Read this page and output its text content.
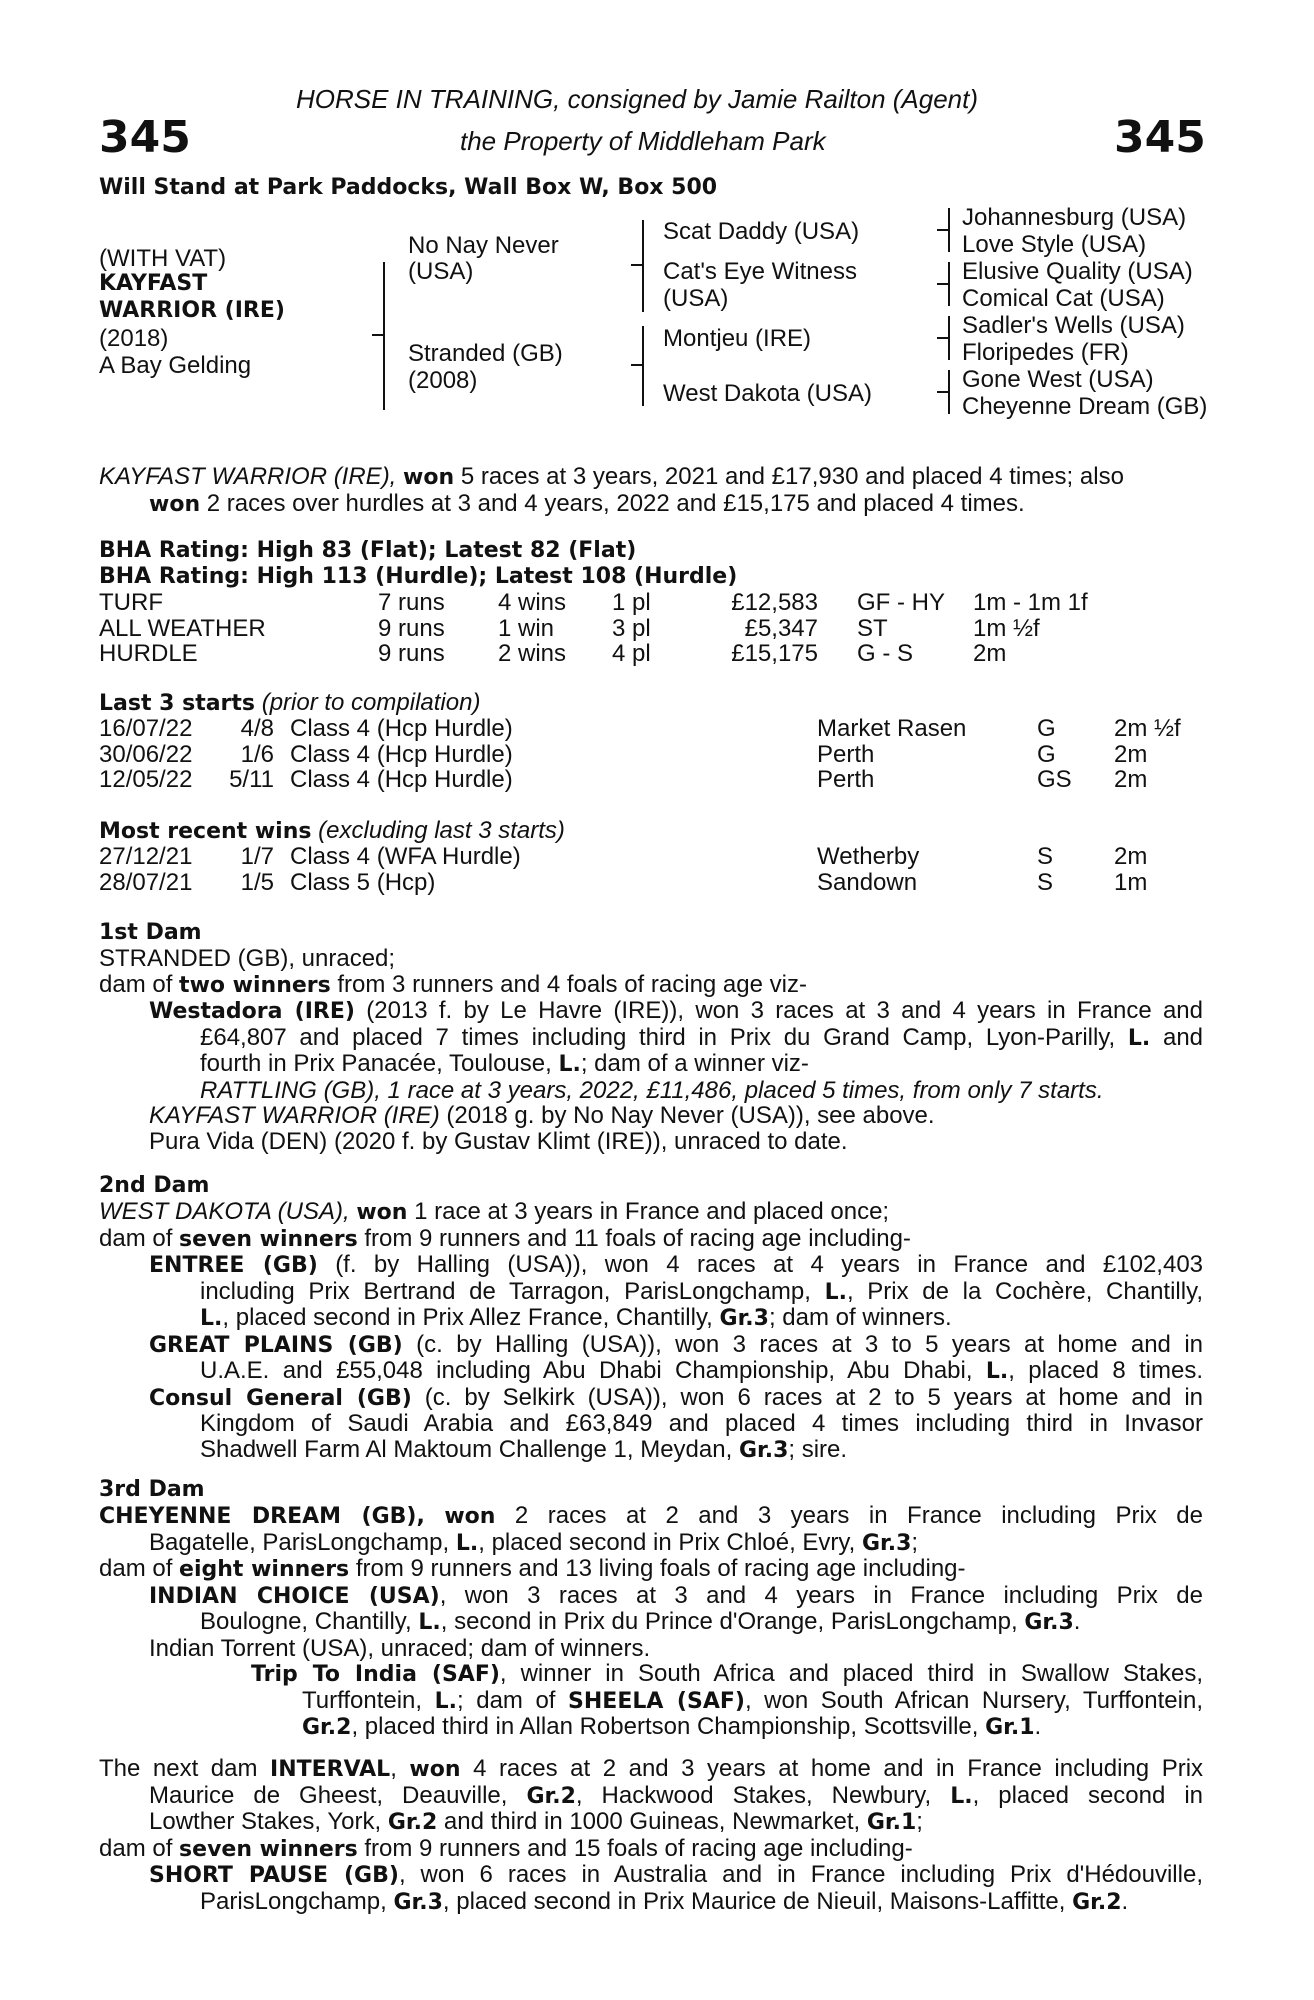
345	345
HORSE IN TRAINING, consigned by Jamie Railton (Agent)
the Property of Middleham Park
Will Stand at Park Paddocks, Wall Box W, Box 500
(WITH VAT)
KAYFAST
WARRIOR (IRE)
(2018)
A Bay Gelding
No Nay Never
(USA)
Stranded (GB)
(2008)
Scat Daddy (USA)
Cat's Eye Witness
(USA)
Montjeu (IRE)
West Dakota (USA)
Johannesburg (USA)
Love Style (USA)
Elusive Quality (USA)
Comical Cat (USA)
Sadler's Wells (USA)
Floripedes (FR)
Gone West (USA)
Cheyenne Dream (GB)
KAYFAST WARRIOR (IRE), won 5 races at 3 years, 2021 and £17,930 and placed 4 times; also
won 2 races over hurdles at 3 and 4 years, 2022 and £15,175 and placed 4 times.
BHA Rating: High 83 (Flat); Latest 82 (Flat)
BHA Rating: High 113 (Hurdle); Latest 108 (Hurdle)
TURF	7 runs 4 wins 1 pl	£12,583 GF - HY 1m - 1m 1f
ALL WEATHER	9 runs 1 win 3 pl	£5,347 ST	1m ½f
HURDLE	9 runs 2 wins 4 pl	£15,175 G - S 2m
Last 3 starts (prior to compilation)
16/07/22 4/8 Class 4 (Hcp Hurdle)	Market Rasen	G 2m ½f
30/06/22 1/6 Class 4 (Hcp Hurdle)	Perth	G 2m
12/05/22 5/11 Class 4 (Hcp Hurdle)	Perth	GS 2m
Most recent wins (excluding last 3 starts)
27/12/21 1/7 Class 4 (WFA Hurdle)	Wetherby	S	2m
28/07/21 1/5 Class 5 (Hcp)	Sandown	S	1m
1st Dam
STRANDED (GB), unraced;
dam of two winners from 3 runners and 4 foals of racing age viz-
Westadora (IRE) (2013 f. by Le Havre (IRE)), won 3 races at 3 and 4 years in France and
£64,807 and placed 7 times including third in Prix du Grand Camp, Lyon-Parilly, L. and
fourth in Prix Panacée, Toulouse, L.; dam of a winner viz-
RATTLING (GB), 1 race at 3 years, 2022, £11,486, placed 5 times, from only 7 starts.
KAYFAST WARRIOR (IRE) (2018 g. by No Nay Never (USA)), see above.
Pura Vida (DEN) (2020 f. by Gustav Klimt (IRE)), unraced to date.
2nd Dam
WEST DAKOTA (USA), won 1 race at 3 years in France and placed once;
dam of seven winners from 9 runners and 11 foals of racing age including-
ENTREE (GB) (f. by Halling (USA)), won 4 races at 4 years in France and £102,403
including Prix Bertrand de Tarragon, ParisLongchamp, L., Prix de la Cochère, Chantilly,
L., placed second in Prix Allez France, Chantilly, Gr.3; dam of winners.
GREAT PLAINS (GB) (c. by Halling (USA)), won 3 races at 3 to 5 years at home and in
U.A.E. and £55,048 including Abu Dhabi Championship, Abu Dhabi, L., placed 8 times.
Consul General (GB) (c. by Selkirk (USA)), won 6 races at 2 to 5 years at home and in
Kingdom of Saudi Arabia and £63,849 and placed 4 times including third in Invasor
Shadwell Farm Al Maktoum Challenge 1, Meydan, Gr.3; sire.
3rd Dam
CHEYENNE DREAM (GB), won 2 races at 2 and 3 years in France including Prix de
Bagatelle, ParisLongchamp, L., placed second in Prix Chloé, Evry, Gr.3;
dam of eight winners from 9 runners and 13 living foals of racing age including-
INDIAN CHOICE (USA), won 3 races at 3 and 4 years in France including Prix de
Boulogne, Chantilly, L., second in Prix du Prince d'Orange, ParisLongchamp, Gr.3.
Indian Torrent (USA), unraced; dam of winners.
Trip To India (SAF), winner in South Africa and placed third in Swallow Stakes,
Turffontein, L.; dam of SHEELA (SAF), won South African Nursery, Turffontein,
Gr.2, placed third in Allan Robertson Championship, Scottsville, Gr.1.
The next dam INTERVAL, won 4 races at 2 and 3 years at home and in France including Prix
Maurice de Gheest, Deauville, Gr.2, Hackwood Stakes, Newbury, L., placed second in
Lowther Stakes, York, Gr.2 and third in 1000 Guineas, Newmarket, Gr.1;
dam of seven winners from 9 runners and 15 foals of racing age including-
SHORT PAUSE (GB), won 6 races in Australia and in France including Prix d'Hédouville,
ParisLongchamp, Gr.3, placed second in Prix Maurice de Nieuil, Maisons-Laffitte, Gr.2.
